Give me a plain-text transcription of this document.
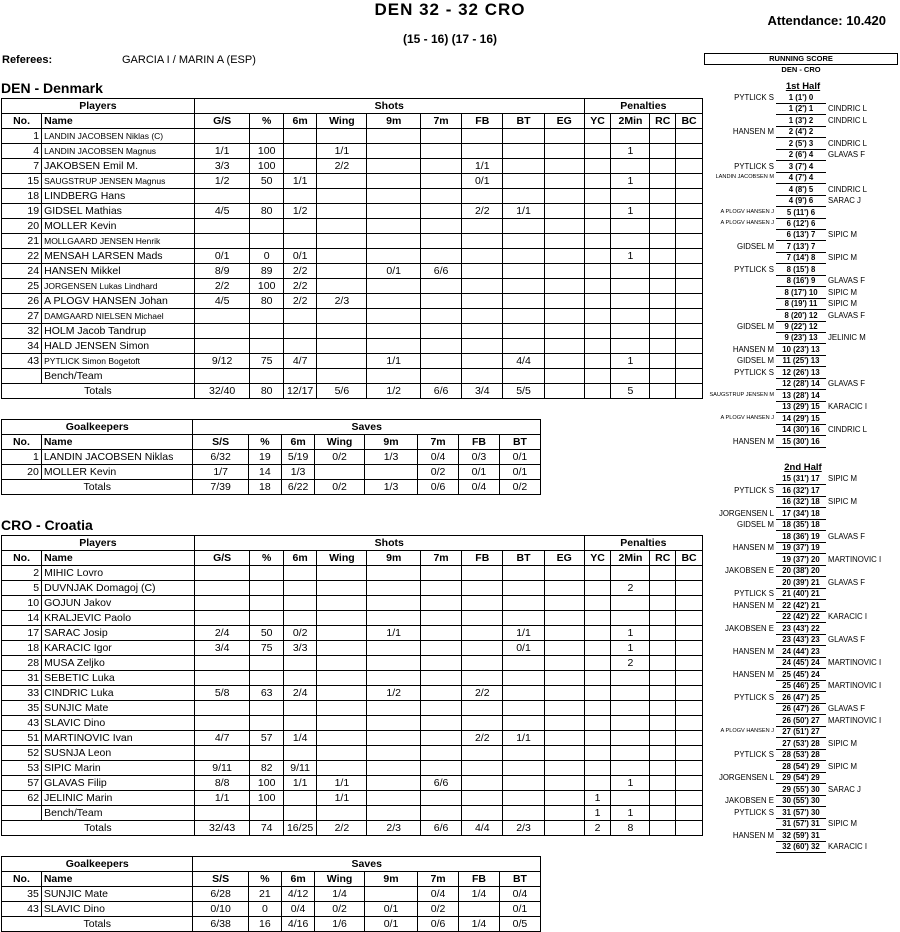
DEN 32 - 32 CRO
(15 - 16) (17 - 16)
Attendance: 10.420
Referees:	GARCIA I / MARIN A (ESP)
DEN - Denmark
CRO - Croatia
Players		Shots									Penalties			
No.	Name	G/S	%	6m	Wing	9m	7m	FB	BT	EG	YC	2Min	RC	BC
1	LANDIN JACOBSEN Niklas (C)													
4	LANDIN JACOBSEN Magnus	1/1	100		1/1							1		
7	JAKOBSEN Emil M.	3/3	100		2/2			1/1						
15	SAUGSTRUP JENSEN Magnus	1/2	50	1/1				0/1				1		
18	LINDBERG Hans													
19	GIDSEL Mathias	4/5	80	1/2				2/2	1/1			1		
20	MOLLER Kevin													
21	MOLLGAARD JENSEN Henrik													
22	MENSAH LARSEN Mads	0/1	0	0/1								1		
24	HANSEN Mikkel	8/9	89	2/2		0/1	6/6							
25	JORGENSEN Lukas Lindhard	2/2	100	2/2										
26	A PLOGV HANSEN Johan	4/5	80	2/2	2/3									
27	DAMGAARD NIELSEN Michael													
32	HOLM Jacob Tandrup													
34	HALD JENSEN Simon													
43	PYTLICK Simon Bogetoft	9/12	75	4/7		1/1			4/4			1		
	Bench/Team													
Totals		32/40	80	12/17	5/6	1/2	6/6	3/4	5/5			5		
Goalkeepers		Saves							
No.	Name	S/S	%	6m	Wing	9m	7m	FB	BT
1	LANDIN JACOBSEN Niklas	6/32	19	5/19	0/2	1/3	0/4	0/3	0/1
20	MOLLER Kevin	1/7	14	1/3			0/2	0/1	0/1
Totals		7/39	18	6/22	0/2	1/3	0/6	0/4	0/2
Players		Shots									Penalties			
No.	Name	G/S	%	6m	Wing	9m	7m	FB	BT	EG	YC	2Min	RC	BC
2	MIHIC Lovro													
5	DUVNJAK Domagoj (C)											2		
10	GOJUN Jakov													
14	KRALJEVIC Paolo													
17	SARAC Josip	2/4	50	0/2		1/1			1/1			1		
18	KARACIC Igor	3/4	75	3/3					0/1			1		
28	MUSA Zeljko											2		
31	SEBETIC Luka													
33	CINDRIC Luka	5/8	63	2/4		1/2		2/2						
35	SUNJIC Mate													
43	SLAVIC Dino													
51	MARTINOVIC Ivan	4/7	57	1/4				2/2	1/1					
52	SUSNJA Leon													
53	SIPIC Marin	9/11	82	9/11										
57	GLAVAS Filip	8/8	100	1/1	1/1		6/6					1		
62	JELINIC Marin	1/1	100		1/1						1			
	Bench/Team										1	1		
Totals		32/43	74	16/25	2/2	2/3	6/6	4/4	2/3		2	8		
Goalkeepers		Saves							
No.	Name	S/S	%	6m	Wing	9m	7m	FB	BT
35	SUNJIC Mate	6/28	21	4/12	1/4		0/4	1/4	0/4
43	SLAVIC Dino	0/10	0	0/4	0/2	0/1	0/2		0/1
Totals		6/38	16	4/16	1/6	0/1	0/6	1/4	0/5
RUNNING SCORE
DEN - CRO
1st Half
2nd Half
PYTLICK S	1 (1') 0
1 (2') 1	CINDRIC L
1 (3') 2	CINDRIC L
HANSEN M	2 (4') 2
2 (5') 3	CINDRIC L
2 (6') 4	GLAVAS F
PYTLICK S	3 (7') 4
LANDIN JACOBSEN M	4 (7') 4
4 (8') 5	CINDRIC L
4 (9') 6	SARAC J
A PLOGV HANSEN J	5 (11') 6
A PLOGV HANSEN J	6 (12') 6
6 (13') 7	SIPIC M
GIDSEL M	7 (13') 7
7 (14') 8	SIPIC M
PYTLICK S	8 (15') 8
8 (16') 9	GLAVAS F
8 (17') 10	SIPIC M
8 (19') 11	SIPIC M
8 (20') 12	GLAVAS F
GIDSEL M	9 (22') 12
9 (23') 13	JELINIC M
HANSEN M	10 (23') 13
GIDSEL M	11 (25') 13
PYTLICK S	12 (26') 13
12 (28') 14	GLAVAS F
SAUGSTRUP JENSEN M	13 (28') 14
13 (29') 15	KARACIC I
A PLOGV HANSEN J	14 (29') 15
14 (30') 16	CINDRIC L
HANSEN M	15 (30') 16
15 (31') 17	SIPIC M
PYTLICK S	16 (32') 17
16 (32') 18	SIPIC M
JORGENSEN L	17 (34') 18
GIDSEL M	18 (35') 18
18 (36') 19	GLAVAS F
HANSEN M	19 (37') 19
19 (37') 20	MARTINOVIC I
JAKOBSEN E	20 (38') 20
20 (39') 21	GLAVAS F
PYTLICK S	21 (40') 21
HANSEN M	22 (42') 21
22 (42') 22	KARACIC I
JAKOBSEN E	23 (43') 22
23 (43') 23	GLAVAS F
HANSEN M	24 (44') 23
24 (45') 24	MARTINOVIC I
HANSEN M	25 (45') 24
25 (46') 25	MARTINOVIC I
PYTLICK S	26 (47') 25
26 (47') 26	GLAVAS F
26 (50') 27	MARTINOVIC I
A PLOGV HANSEN J	27 (51') 27
27 (53') 28	SIPIC M
PYTLICK S	28 (53') 28
28 (54') 29	SIPIC M
JORGENSEN L	29 (54') 29
29 (55') 30	SARAC J
JAKOBSEN E	30 (55') 30
PYTLICK S	31 (57') 30
31 (57') 31	SIPIC M
HANSEN M	32 (59') 31
32 (60') 32	KARACIC I
